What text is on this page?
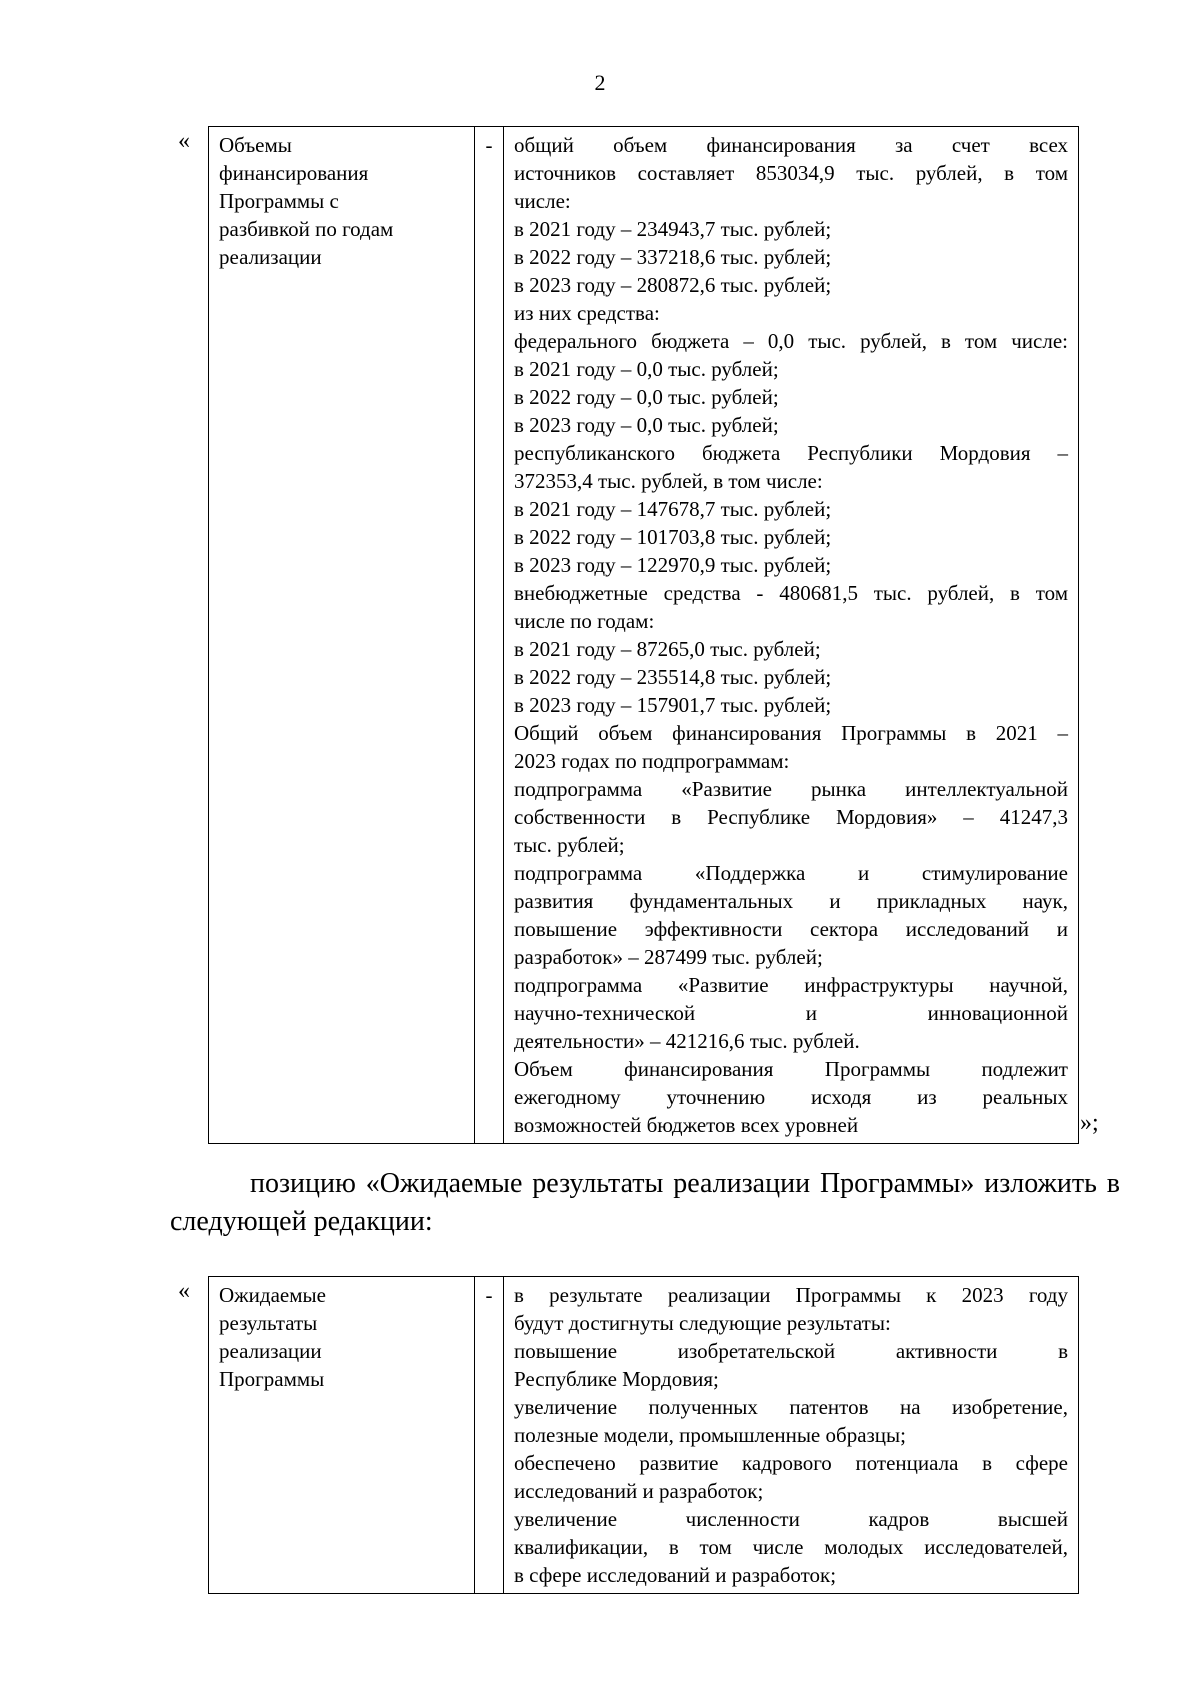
2
« Объемы
финансирования
Программы с
разбивкой по годам
реализации
	-	общий объем финансирования за счет всех
источников составляет 853034,9 тыс. рублей, в том
числе:
в 2021 году – 234943,7 тыс. рублей;
в 2022 году – 337218,6 тыс. рублей;
в 2023 году – 280872,6 тыс. рублей;
из них средства:
федерального бюджета – 0,0 тыс. рублей, в том числе:
в 2021 году – 0,0 тыс. рублей;
в 2022 году – 0,0 тыс. рублей;
в 2023 году – 0,0 тыс. рублей;
республиканского бюджета Республики Мордовия –
372353,4 тыс. рублей, в том числе:
в 2021 году – 147678,7 тыс. рублей;
в 2022 году – 101703,8 тыс. рублей;
в 2023 году – 122970,9 тыс. рублей;
внебюджетные средства - 480681,5 тыс. рублей, в том
числе по годам:
в 2021 году – 87265,0 тыс. рублей;
в 2022 году – 235514,8 тыс. рублей;
в 2023 году – 157901,7 тыс. рублей;
Общий объем финансирования Программы в 2021 –
2023 годах по подпрограммам:
подпрограмма «Развитие рынка интеллектуальной
собственности в Республике Мордовия» – 41247,3
тыс. рублей;
подпрограмма «Поддержка и стимулирование
развития фундаментальных и прикладных наук,
повышение эффективности сектора исследований и
разработок» – 287499 тыс. рублей;
подпрограмма «Развитие инфраструктуры научной,
научно-технической и инновационной
деятельности» – 421216,6 тыс. рублей.
Объем финансирования Программы подлежит
ежегодному уточнению исходя из реальных
возможностей бюджетов всех уровней	»;
позицию «Ожидаемые результаты реализации Программы» изложить в следующей редакции:
« Ожидаемые
результаты
реализации
Программы
	-	в результате реализации Программы к 2023 году
будут достигнуты следующие результаты:
повышение изобретательской активности в
Республике Мордовия;
увеличение полученных патентов на изобретение,
полезные модели, промышленные образцы;
обеспечено развитие кадрового потенциала в сфере
исследований и разработок;
увеличение численности кадров высшей
квалификации, в том числе молодых исследователей,
в сфере исследований и разработок;
